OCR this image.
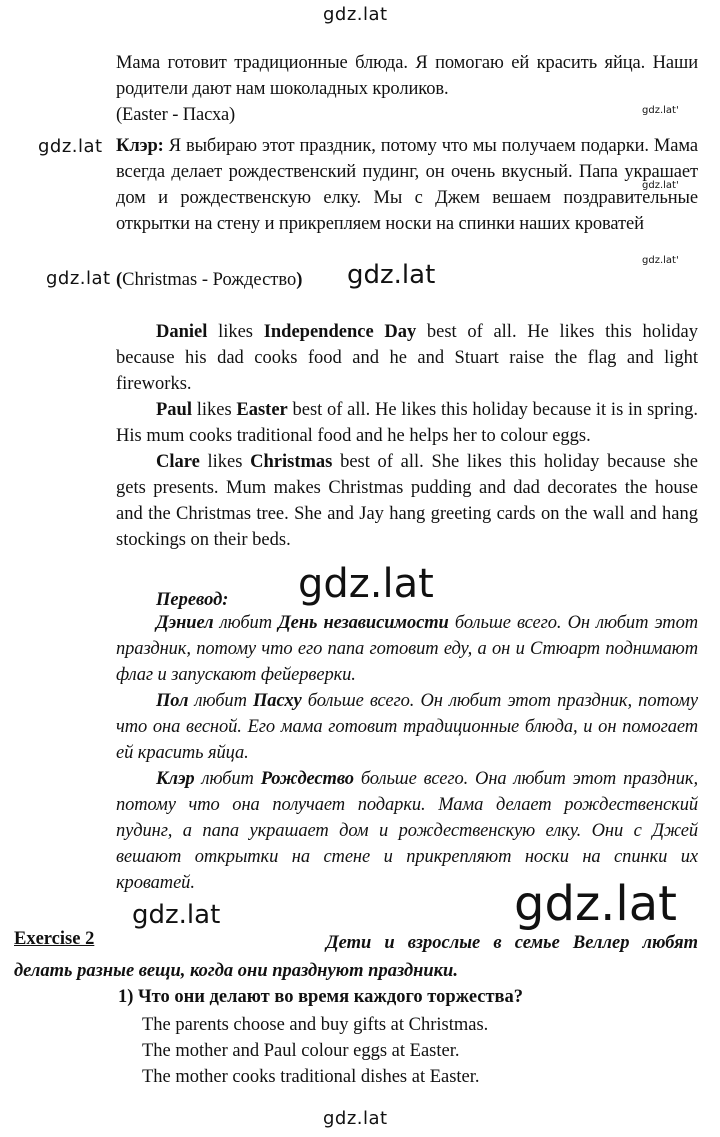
gdz.lat
gdz.lat'
gdz.lat
gdz.lat'
gdz.lat'
gdz.lat	gdz.lat
gdz.lat
gdz.lat	gdz.lat
gdz.lat

Мама готовит традиционные блюда. Я помогаю ей красить яйца. Наши родители дают нам шоколадных кроликов.

(Easter - Пасха)

Клэр: Я выбираю этот праздник, потому что мы получаем подарки. Мама всегда делает рождественский пудинг, он очень вкусный. Папа украшает дом и рождественскую елку. Мы с Джем вешаем поздравительные открытки на стену и прикрепляем носки на спинки наших кроватей

(Christmas - Рождество)

Daniel likes Independence Day best of all. He likes this holiday because his dad cooks food and he and Stuart raise the flag and light fireworks.

Paul likes Easter best of all. He likes this holiday because it is in spring. His mum cooks traditional food and he helps her to colour eggs.

Clare likes Christmas best of all. She likes this holiday because she gets presents. Mum makes Christmas pudding and dad decorates the house and the Christmas tree. She and Jay hang greeting cards on the wall and hang stockings on their beds.

Перевод:

Дэниел любит День независимости больше всего. Он любит этот праздник, потому что его папа готовит еду, а он и Стюарт поднимают флаг и запускают фейерверки.

Пол любит Пасху больше всего. Он любит этот праздник, потому что она весной. Его мама готовит традиционные блюда, и он помогает ей красить яйца.

Клэр любит Рождество больше всего. Она любит этот праздник, потому что она получает подарки. Мама делает рождественский пудинг, а папа украшает дом и рождественскую елку. Они с Джей вешают открытки на стене и прикрепляют носки на спинки их кроватей.

Дети и взрослые в семье Веллер любят делать разные вещи, когда они празднуют праздники.
Exercise 2
1) Что они делают во время каждого торжества?
The parents choose and buy gifts at Christmas.
The mother and Paul colour eggs at Easter.
The mother cooks traditional dishes at Easter.
